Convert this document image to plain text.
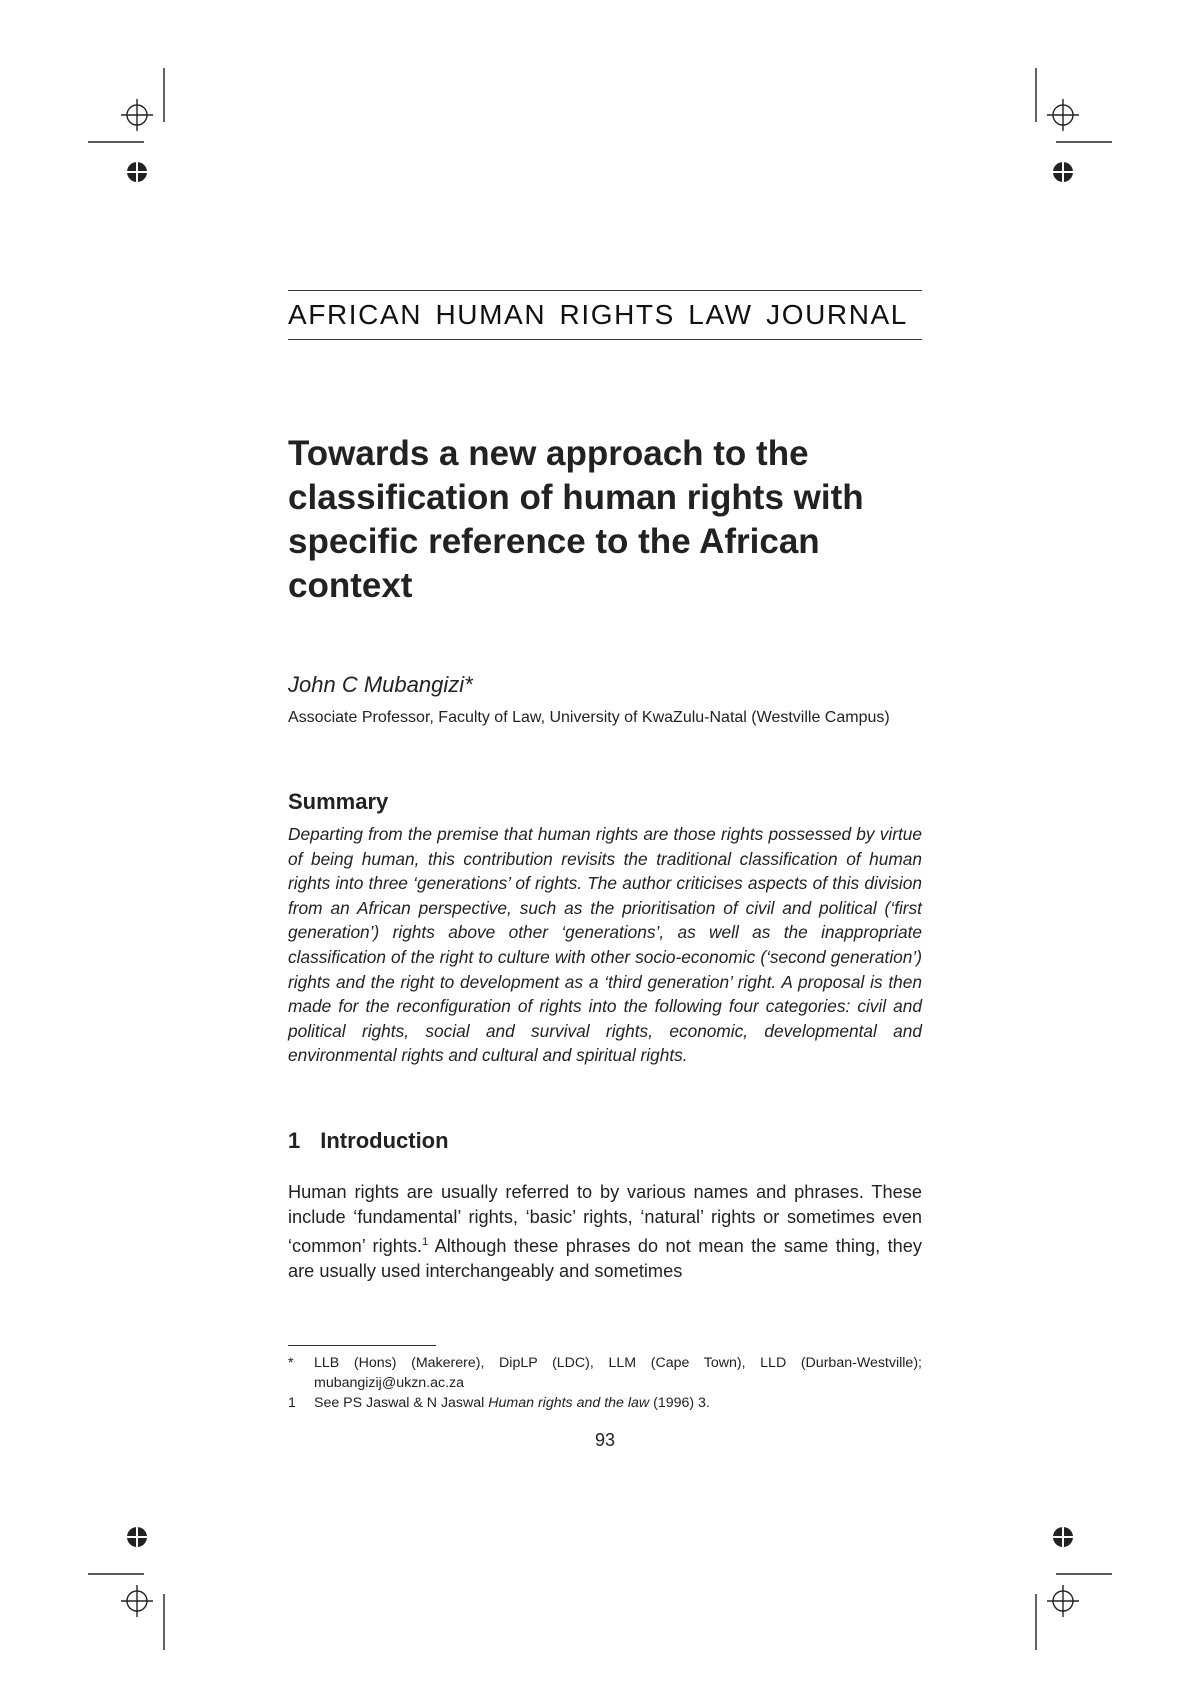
AFRICAN HUMAN RIGHTS LAW JOURNAL
Towards a new approach to the classification of human rights with specific reference to the African context
John C Mubangizi*
Associate Professor, Faculty of Law, University of KwaZulu-Natal (Westville Campus)
Summary

Departing from the premise that human rights are those rights possessed by virtue of being human, this contribution revisits the traditional classification of human rights into three ‘generations’ of rights. The author criticises aspects of this division from an African perspective, such as the prioritisation of civil and political (‘first generation’) rights above other ‘generations’, as well as the inappropriate classification of the right to culture with other socio-economic (‘second generation’) rights and the right to development as a ‘third generation’ right. A proposal is then made for the reconfiguration of rights into the following four categories: civil and political rights, social and survival rights, economic, developmental and environmental rights and cultural and spiritual rights.

1 Introduction

Human rights are usually referred to by various names and phrases. These include ‘fundamental’ rights, ‘basic’ rights, ‘natural’ rights or sometimes even ‘common’ rights.$^1$ Although these phrases do not mean the same thing, they are usually used interchangeably and sometimes

*	LLB (Hons) (Makerere), DipLP (LDC), LLM (Cape Town), LLD (Durban-Westville); mubangizij@ukzn.ac.za
1	See PS Jaswal & N Jaswal Human rights and the law (1996) 3.
93
